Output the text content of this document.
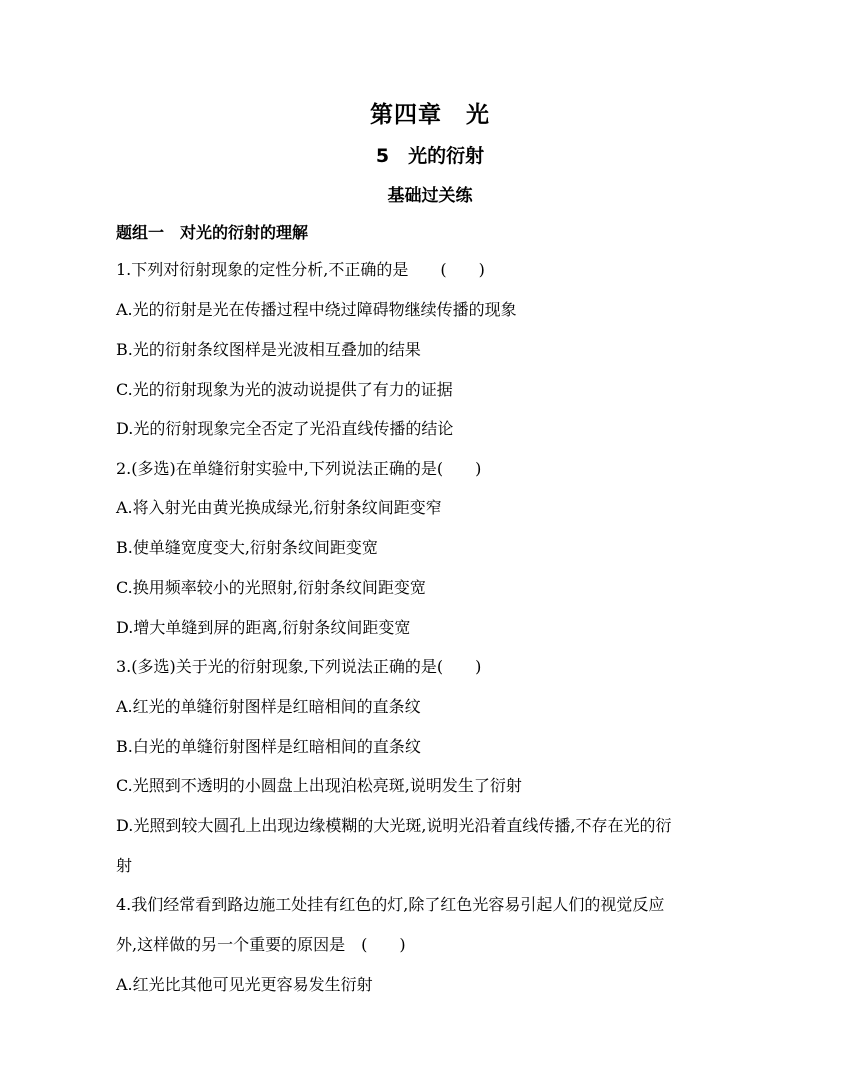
第四章　光
5　光的衍射
基础过关练
题组一　对光的衍射的理解
1.下列对衍射现象的定性分析,不正确的是　　(　　)
A.光的衍射是光在传播过程中绕过障碍物继续传播的现象
B.光的衍射条纹图样是光波相互叠加的结果
C.光的衍射现象为光的波动说提供了有力的证据
D.光的衍射现象完全否定了光沿直线传播的结论
2.(多选)在单缝衍射实验中,下列说法正确的是(　　)
A.将入射光由黄光换成绿光,衍射条纹间距变窄
B.使单缝宽度变大,衍射条纹间距变宽
C.换用频率较小的光照射,衍射条纹间距变宽
D.增大单缝到屏的距离,衍射条纹间距变宽
3.(多选)关于光的衍射现象,下列说法正确的是(　　)
A.红光的单缝衍射图样是红暗相间的直条纹
B.白光的单缝衍射图样是红暗相间的直条纹
C.光照到不透明的小圆盘上出现泊松亮斑,说明发生了衍射
D.光照到较大圆孔上出现边缘模糊的大光斑,说明光沿着直线传播,不存在光的衍
射
4.我们经常看到路边施工处挂有红色的灯,除了红色光容易引起人们的视觉反应
外,这样做的另一个重要的原因是　(　　)
A.红光比其他可见光更容易发生衍射
